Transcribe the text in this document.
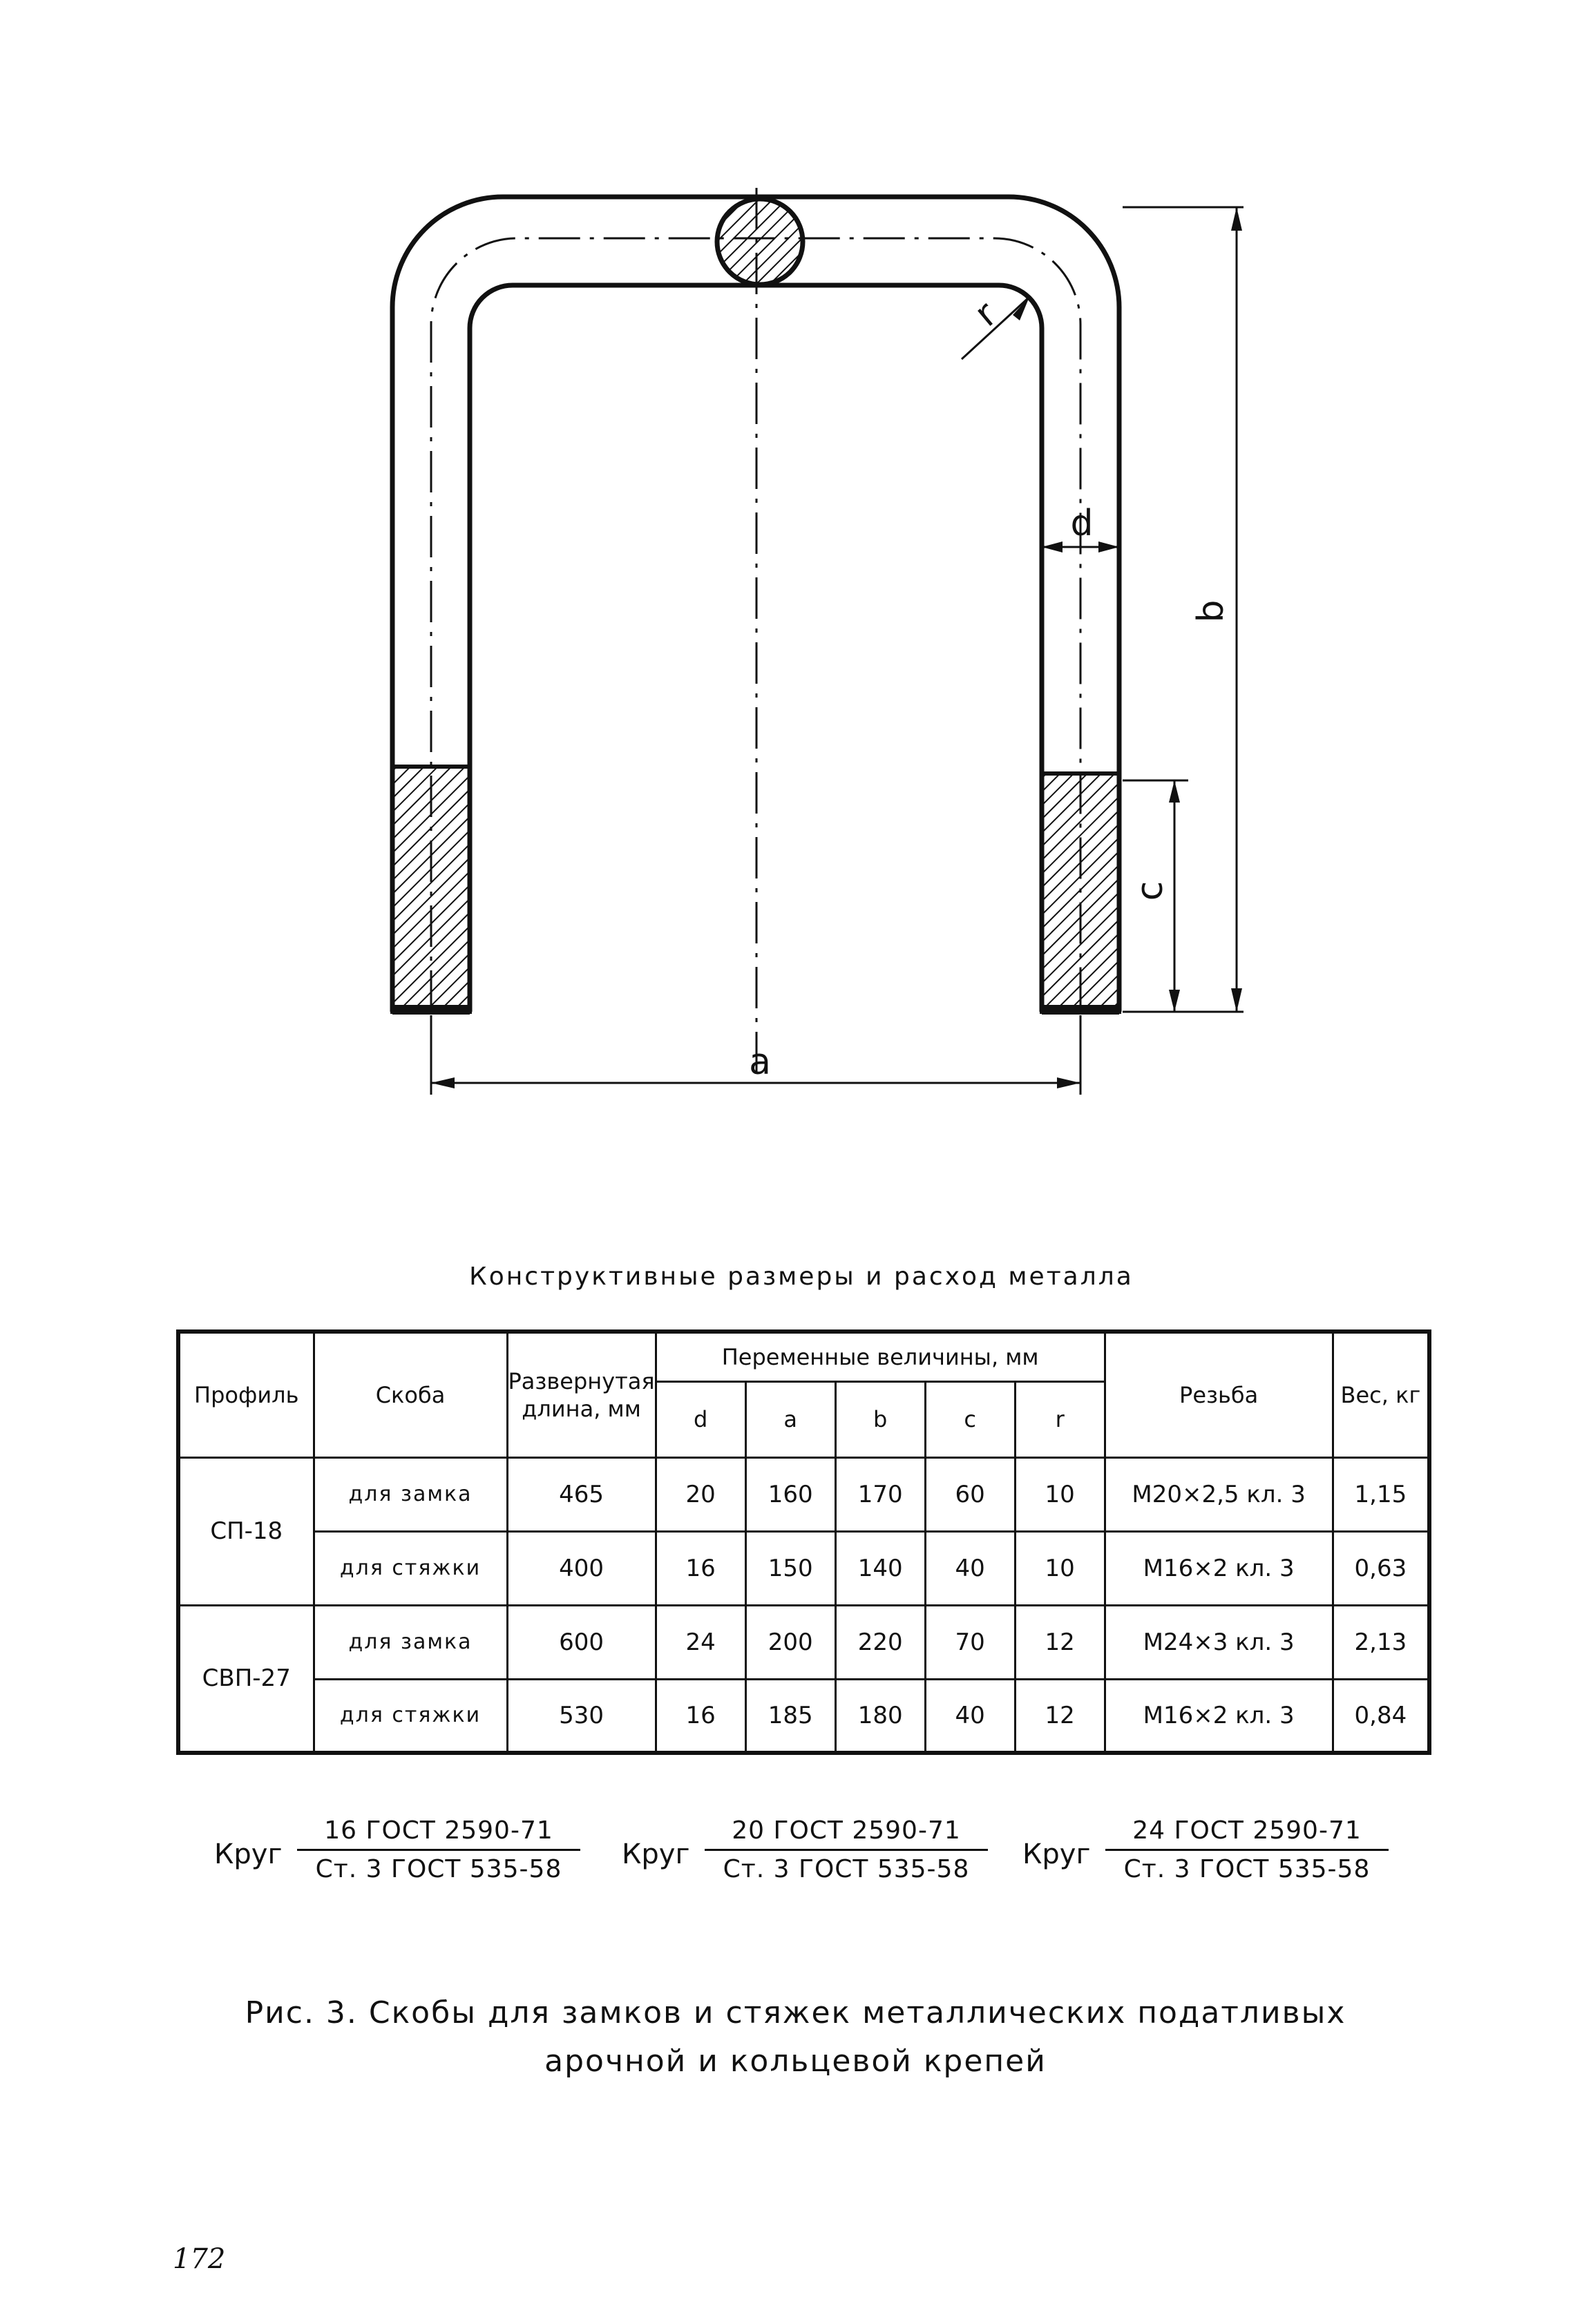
b
c
d
r
a
Конструктивные размеры и расход металла
Профиль	Скоба	Развернутая длина, мм	Переменные величины, мм					Резьба	Вес, кг
			d	a	b	c	r		
СП-18	для замка	465	20	160	170	60	10	М20×2,5 кл. 3	1,15
	для стяжки	400	16	150	140	40	10	М16×2 кл. 3	0,63
СВП-27	для замка	600	24	200	220	70	12	М24×3 кл. 3	2,13
	для стяжки	530	16	185	180	40	12	М16×2 кл. 3	0,84
Круг
16 ГОСТ 2590-71
Ст. 3 ГОСТ 535-58	Круг
20 ГОСТ 2590-71
Ст. 3 ГОСТ 535-58	Круг
24 ГОСТ 2590-71
Ст. 3 ГОСТ 535-58
Рис. 3. Скобы для замков и стяжек металлических податливых
арочной и кольцевой крепей
172
